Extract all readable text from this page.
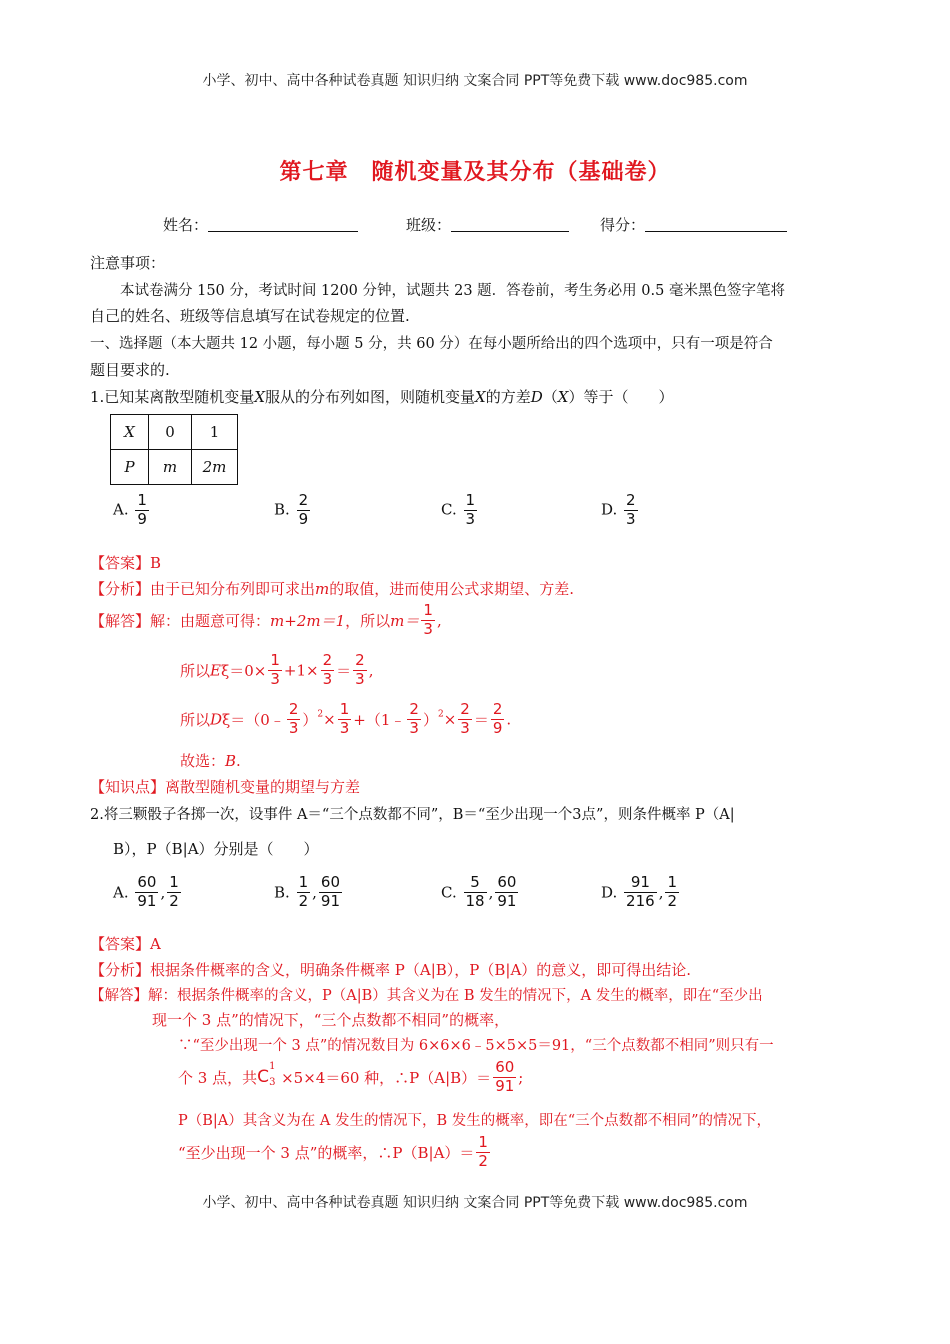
小学、初中、高中各种试卷真题 知识归纳 文案合同 PPT等免费下载 www.doc985.com
第七章　随机变量及其分布（基础卷）
姓名：	班级：	得分：
注意事项：
本试卷满分 150 分，考试时间 1200 分钟，试题共 23 题．答卷前，考生务必用 0.5 毫米黑色签字笔将
自己的姓名、班级等信息填写在试卷规定的位置.
一、选择题（本大题共 12 小题，每小题 5 分，共 60 分）在每小题所给出的四个选项中，只有一项是符合
题目要求的.
1.已知某离散型随机变量X服从的分布列如图，则随机变量X的方差D（X）等于（　　）
X	0	1
P	m	2m
A. $\frac{1}{9}$	B. $\frac{2}{9}$	C. $\frac{1}{3}$	D. $\frac{2}{3}$
【答案】B
【分析】由于已知分布列即可求出m的取值，进而使用公式求期望、方差.
【解答】解：由题意可得：m+2m＝1，所以$m= \frac{1}{3}$ ,
所以$E\xi=0\times \frac{1}{3} +1\times \frac{2}{3} = \frac{2}{3}$ ,
所以Dξ＝（0﹣ $\frac{2}{3} )^2\times \frac{1}{3}$ +（1﹣ $\frac{2}{3} )^2\times \frac{2}{3} = \frac{2}{9}$ .
故选：B.
【知识点】离散型随机变量的期望与方差
2.将三颗骰子各掷一次，设事件 A＝“三个点数都不同”，B＝“至少出现一个3点”，则条件概率 P（A|
B），P（B|A）分别是（　　）
A. $\frac{60}{91}$ , $\frac{1}{2}$	B. $\frac{1}{2}$ , $\frac{60}{91}$	C. $\frac{5}{18}$ , $\frac{60}{91}$	D. $\frac{91}{216}$ , $\frac{1}{2}$
【答案】A
【分析】根据条件概率的含义，明确条件概率 P（A|B），P（B|A）的意义，即可得出结论.
【解答】解：根据条件概率的含义，P（A|B）其含义为在 B 发生的情况下，A 发生的概率，即在“至少出
现一个 3 点”的情况下，“三个点数都不相同”的概率，
∵“至少出现一个 3 点”的情况数目为 6×6×6﹣5×5×5＝91，“三个点数都不相同”则只有一
个 3 点，共 C
1
3 ×5×4＝60 种，∴P（A|B）＝ $\frac{60}{91}$ ;
P（B|A）其含义为在 A 发生的情况下，B 发生的概率，即在“三个点数都不相同”的情况下，
“至少出现一个 3 点”的概率，∴P（B|A）＝ $\frac{1}{2}$
小学、初中、高中各种试卷真题 知识归纳 文案合同 PPT等免费下载 www.doc985.com
